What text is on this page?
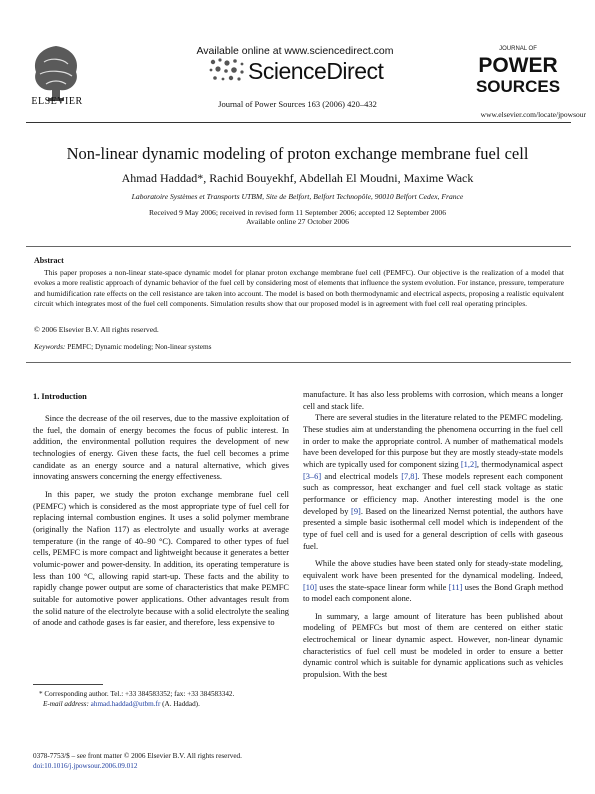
ELSEVIER
Available online at www.sciencedirect.com
ScienceDirect
Journal of Power Sources 163 (2006) 420–432
JOURNAL OF
POWER
SOURCES
www.elsevier.com/locate/jpowsour
Non-linear dynamic modeling of proton exchange membrane fuel cell
Ahmad Haddad*, Rachid Bouyekhf, Abdellah El Moudni, Maxime Wack
Laboratoire Systèmes et Transports UTBM, Site de Belfort, Belfort Technopôle, 90010 Belfort Cedex, France
Received 9 May 2006; received in revised form 11 September 2006; accepted 12 September 2006
Available online 27 October 2006
Abstract
This paper proposes a non-linear state-space dynamic model for planar proton exchange membrane fuel cell (PEMFC). Our objective is the realization of a model that evokes a more realistic approach of dynamic behavior of the fuel cell by considering most of elements that influence the system evolution. For instance, pressure, temperature and humidification rate effects on the cell resistance are taken into account. The model is based on both thermodynamic and electrical aspects, proposing a realistic equivalent circuit which integrates most of the fuel cell components. Simulation results show that our proposed model is in agreement with fuel cell real operating principles.
© 2006 Elsevier B.V. All rights reserved.
Keywords: PEMFC; Dynamic modeling; Non-linear systems
1. Introduction

Since the decrease of the oil reserves, due to the massive exploitation of the fuel, the domain of energy becomes the focus of public interest. In addition, the environmental pollution requires the development of new technologies of energy. Given these facts, the fuel cell becomes a prime candidate as an energy source and a natural alternative, which gives innovating answers concerning the energy effectiveness.

In this paper, we study the proton exchange membrane fuel cell (PEMFC) which is considered as the most appropriate type of fuel cell for replacing internal combustion engines. It uses a solid polymer membrane (originally the Nafion 117) as electrolyte and usually works at average temperature (in the range of 40–90 °C). Compared to other types of fuel cells, PEMFC is more compact and lightweight because it generates a better volumic-power and power-density. In addition, its operating temperature is less than 100 °C, allowing rapid start-up. These facts and the ability to rapidly change power output are some of characteristics that make PEMFC suitable for automotive power applications. Other advantages result from the solid nature of the electrolyte because with a solid electrolyte the sealing of anode and cathode gases is far easier, and therefore, less expensive to

manufacture. It has also less problems with corrosion, which means a longer cell and stack life.

There are several studies in the literature related to the PEMFC modeling. These studies aim at understanding the phenomena occurring in the fuel cell in order to make the appropriate control. A number of mathematical models have been developed for this purpose but they are mostly steady-state models which are typically used for component sizing [1,2], thermodynamical aspect [3–6] and electrical models [7,8]. These models represent each component such as compressor, heat exchanger and fuel cell stack voltage as static performance or efficiency map. Another interesting model is the one developed by [9]. Based on the linearized Nernst potential, the authors have presented a simple basic isothermal cell model which is independent of the type of fuel cell and is used for a general description of cells with gaseous fuel.

While the above studies have been stated only for steady-state modeling, equivalent work have been presented for the dynamical modeling. Indeed, [10] uses the state-space linear form while [11] uses the Bond Graph method to model each component alone.

In summary, a large amount of literature has been published about modeling of PEMFCs but most of them are centered on either static electrochemical or linear dynamic aspect. However, non-linear dynamic characteristics of fuel cell must be modeled in order to ensure a better dynamic control which is suitable for dynamic applications such as vehicles propulsion. With the best

* Corresponding author. Tel.: +33 384583352; fax: +33 384583342.
E-mail address: ahmad.haddad@utbm.fr (A. Haddad).
0378-7753/$ – see front matter © 2006 Elsevier B.V. All rights reserved.
doi:10.1016/j.jpowsour.2006.09.012
